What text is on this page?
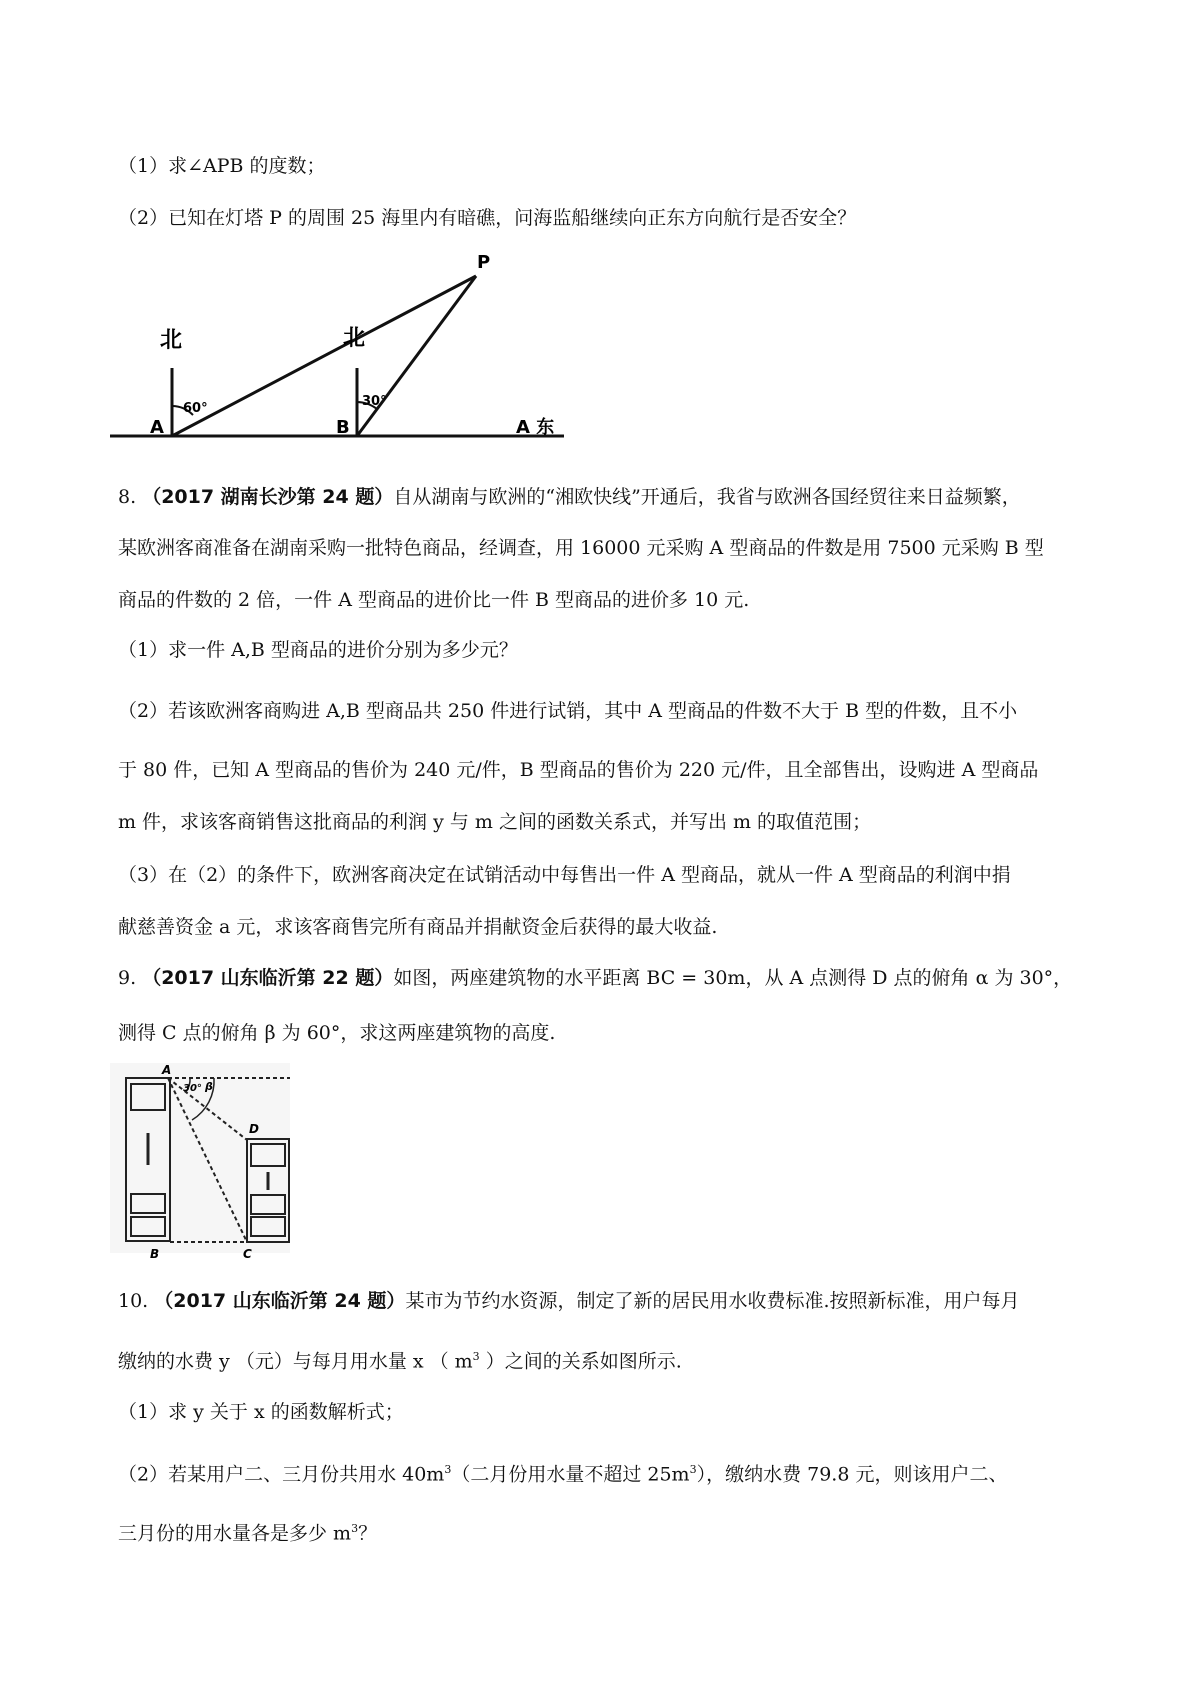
（1）求∠APB 的度数；
（2）已知在灯塔 P 的周围 25 海里内有暗礁，问海监船继续向正东方向航行是否安全？
北	北
P
A	B	A 东
60°	30°
8. （2017 湖南长沙第 24 题）自从湖南与欧洲的“湘欧快线”开通后，我省与欧洲各国经贸往来日益频繁，
某欧洲客商准备在湖南采购一批特色商品，经调查，用 16000 元采购 A 型商品的件数是用 7500 元采购 B 型
商品的件数的 2 倍，一件 A 型商品的进价比一件 B 型商品的进价多 10 元.
（1）求一件 A,B 型商品的进价分别为多少元？
（2）若该欧洲客商购进 A,B 型商品共 250 件进行试销，其中 A 型商品的件数不大于 B 型的件数，且不小
于 80 件，已知 A 型商品的售价为 240 元/件，B 型商品的售价为 220 元/件，且全部售出，设购进 A 型商品
m 件，求该客商销售这批商品的利润 y 与 m 之间的函数关系式，并写出 m 的取值范围；
（3）在（2）的条件下，欧洲客商决定在试销活动中每售出一件 A 型商品，就从一件 A 型商品的利润中捐
献慈善资金 a 元，求该客商售完所有商品并捐献资金后获得的最大收益.
9. （2017 山东临沂第 22 题）如图，两座建筑物的水平距离 BC = 30m，从 A 点测得 D 点的俯角 α 为 30°，
测得 C 点的俯角 β 为 60°，求这两座建筑物的高度.
A
B	C
D
30° β
10. （2017 山东临沂第 24 题）某市为节约水资源，制定了新的居民用水收费标准.按照新标准，用户每月
缴纳的水费 y （元）与每月用水量 x （ $m^3$ ）之间的关系如图所示.
（1）求 y 关于 x 的函数解析式；
（2）若某用户二、三月份共用水 $40m^3$（二月份用水量不超过 $25m^3$），缴纳水费 79.8 元，则该用户二、
三月份的用水量各是多少 $m^3$？
